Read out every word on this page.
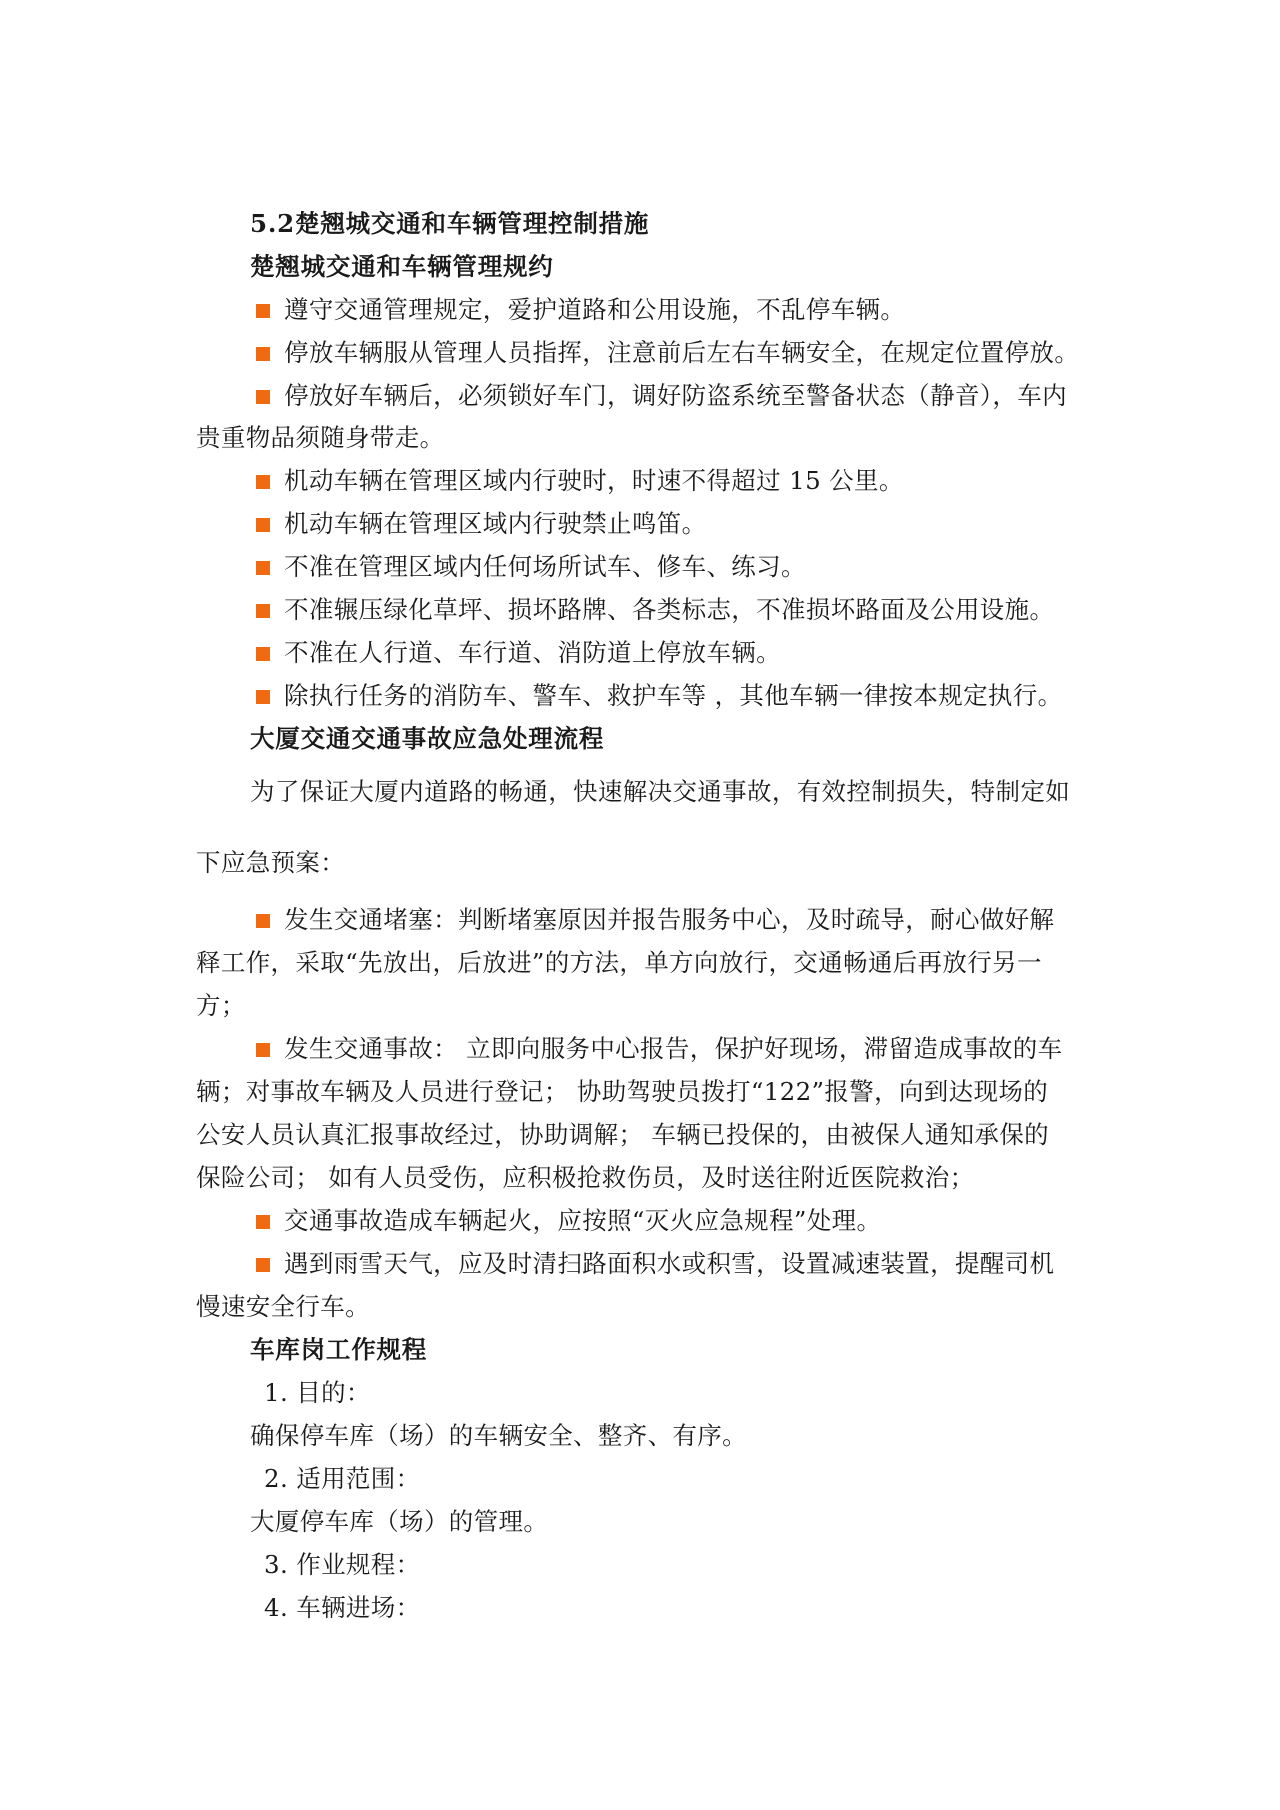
5.2楚翘城交通和车辆管理控制措施
楚翘城交通和车辆管理规约
遵守交通管理规定，爱护道路和公用设施，不乱停车辆。
停放车辆服从管理人员指挥，注意前后左右车辆安全，在规定位置停放。
停放好车辆后，必须锁好车门，调好防盗系统至警备状态（静音），车内
贵重物品须随身带走。
机动车辆在管理区域内行驶时，时速不得超过 15 公里。
机动车辆在管理区域内行驶禁止鸣笛。
不准在管理区域内任何场所试车、修车、练习。
不准辗压绿化草坪、损坏路牌、各类标志，不准损坏路面及公用设施。
不准在人行道、车行道、消防道上停放车辆。
除执行任务的消防车、警车、救护车等 ，其他车辆一律按本规定执行。
大厦交通交通事故应急处理流程
为了保证大厦内道路的畅通，快速解决交通事故，有效控制损失，特制定如
下应急预案：
发生交通堵塞：判断堵塞原因并报告服务中心，及时疏导，耐心做好解
释工作，采取“先放出，后放进”的方法，单方向放行，交通畅通后再放行另一
方；
发生交通事故： 立即向服务中心报告，保护好现场，滞留造成事故的车
辆；对事故车辆及人员进行登记； 协助驾驶员拨打“122”报警，向到达现场的
公安人员认真汇报事故经过，协助调解； 车辆已投保的，由被保人通知承保的
保险公司； 如有人员受伤，应积极抢救伤员，及时送往附近医院救治；
交通事故造成车辆起火，应按照“灭火应急规程”处理。
遇到雨雪天气，应及时清扫路面积水或积雪，设置减速装置，提醒司机
慢速安全行车。
车库岗工作规程
1. 目的：
确保停车库（场）的车辆安全、整齐、有序。
2. 适用范围：
大厦停车库（场）的管理。
3. 作业规程：
4. 车辆进场：
